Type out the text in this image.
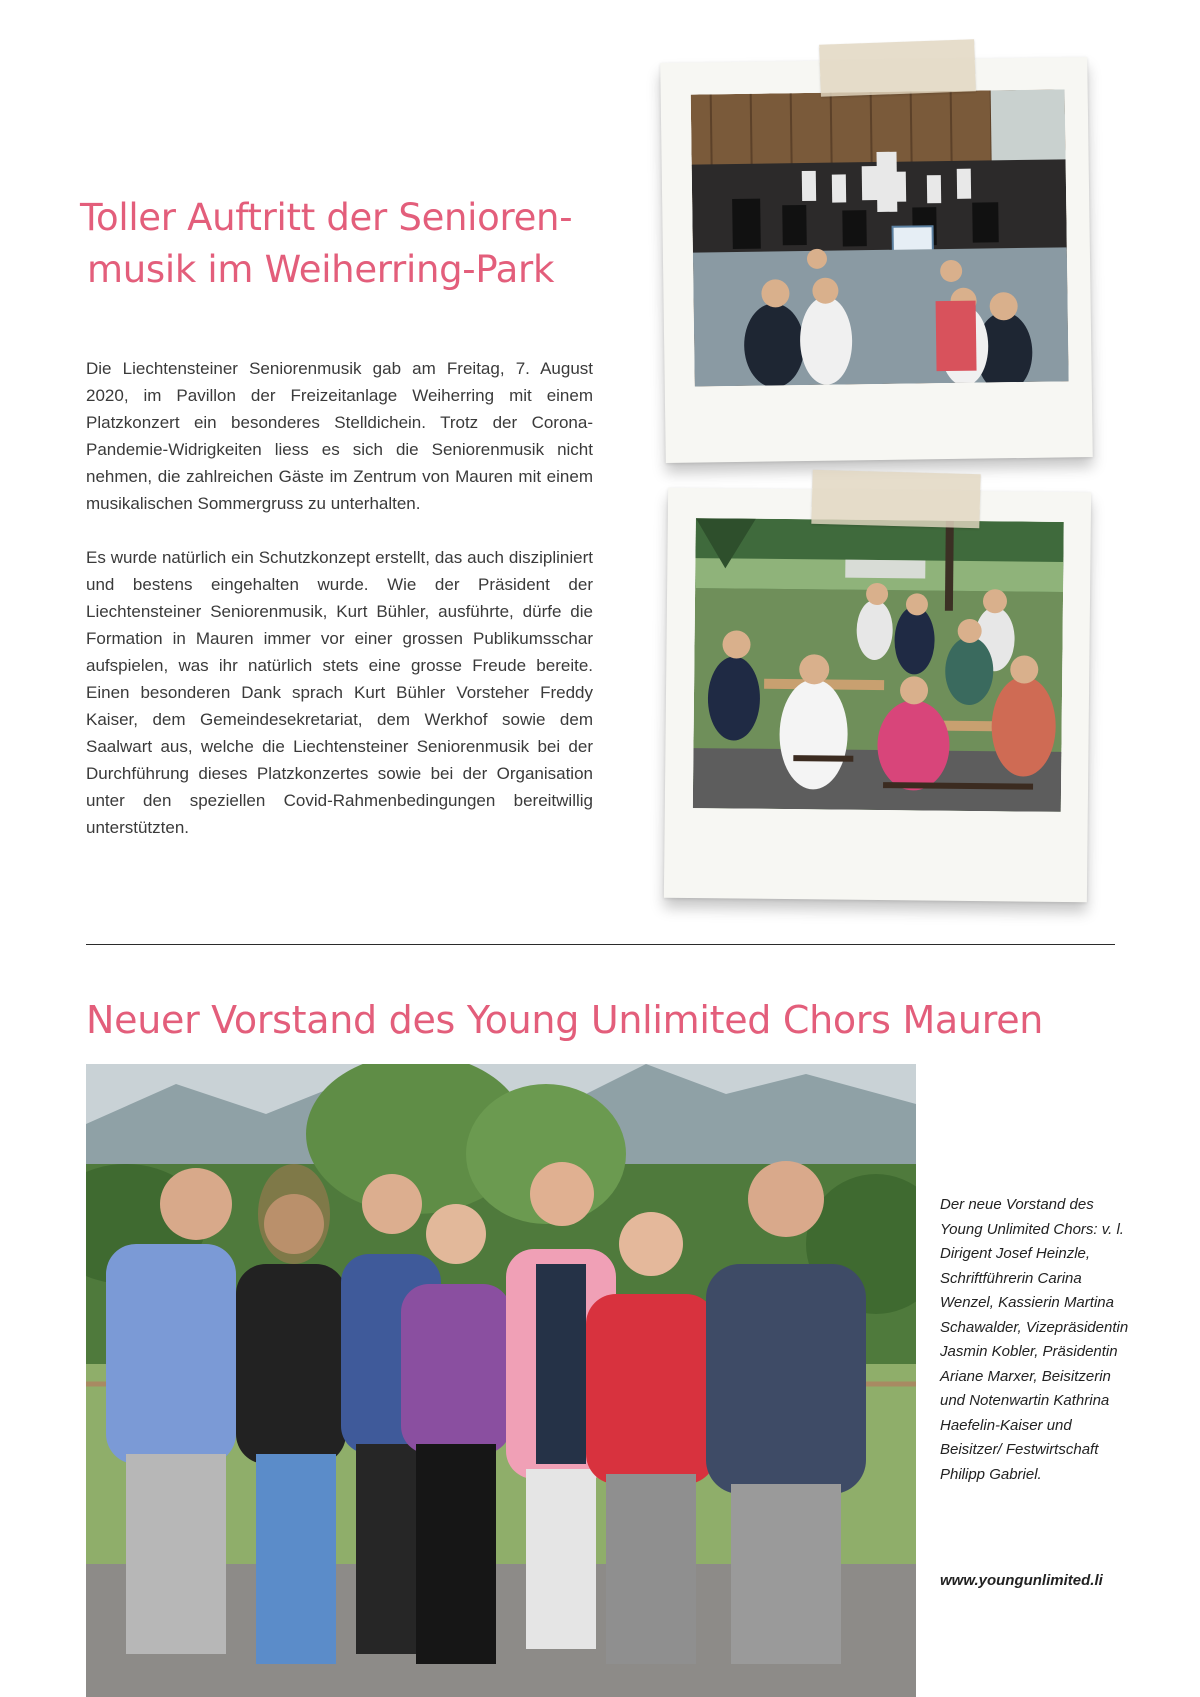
Toller Auftritt der Senioren-
musik im Weiherring-Park

Die Liechtensteiner Seniorenmusik gab am Freitag, 7. August 2020, im Pavillon der Freizeitanlage Weiherring mit einem Platzkonzert ein besonderes Stelldichein. Trotz der Corona-Pandemie-Widrigkeiten liess es sich die Seniorenmusik nicht nehmen, die zahlreichen Gäste im Zentrum von Mauren mit einem musikalischen Sommergruss zu unterhalten.

Es wurde natürlich ein Schutzkonzept erstellt, das auch diszipliniert und bestens eingehalten wurde. Wie der Präsident der Liechtensteiner Seniorenmusik, Kurt Bühler, ausführte, dürfe die Formation in Mauren immer vor einer grossen Publikumsschar aufspielen, was ihr natürlich stets eine grosse Freude bereite. Einen besonderen Dank sprach Kurt Bühler Vorsteher Freddy Kaiser, dem Gemeindesekretariat, dem Werkhof sowie dem Saalwart aus, welche die Liechtensteiner Seniorenmusik bei der Durchführung dieses Platzkonzertes sowie bei der Organisation unter den speziellen Covid-Rahmenbedingungen bereitwillig unterstützten.

Neuer Vorstand des Young Unlimited Chors Mauren

Der neue Vorstand des Young Unlimited Chors: v. l. Dirigent Josef Heinzle, Schriftführerin Carina Wenzel, Kassierin Martina Schawalder, Vizepräsidentin Jasmin Kobler, Präsidentin Ariane Marxer, Beisitzerin und Notenwartin Kathrina Haefelin-Kaiser und Beisitzer/ Festwirtschaft Philipp Gabriel.

www.youngunlimited.li
